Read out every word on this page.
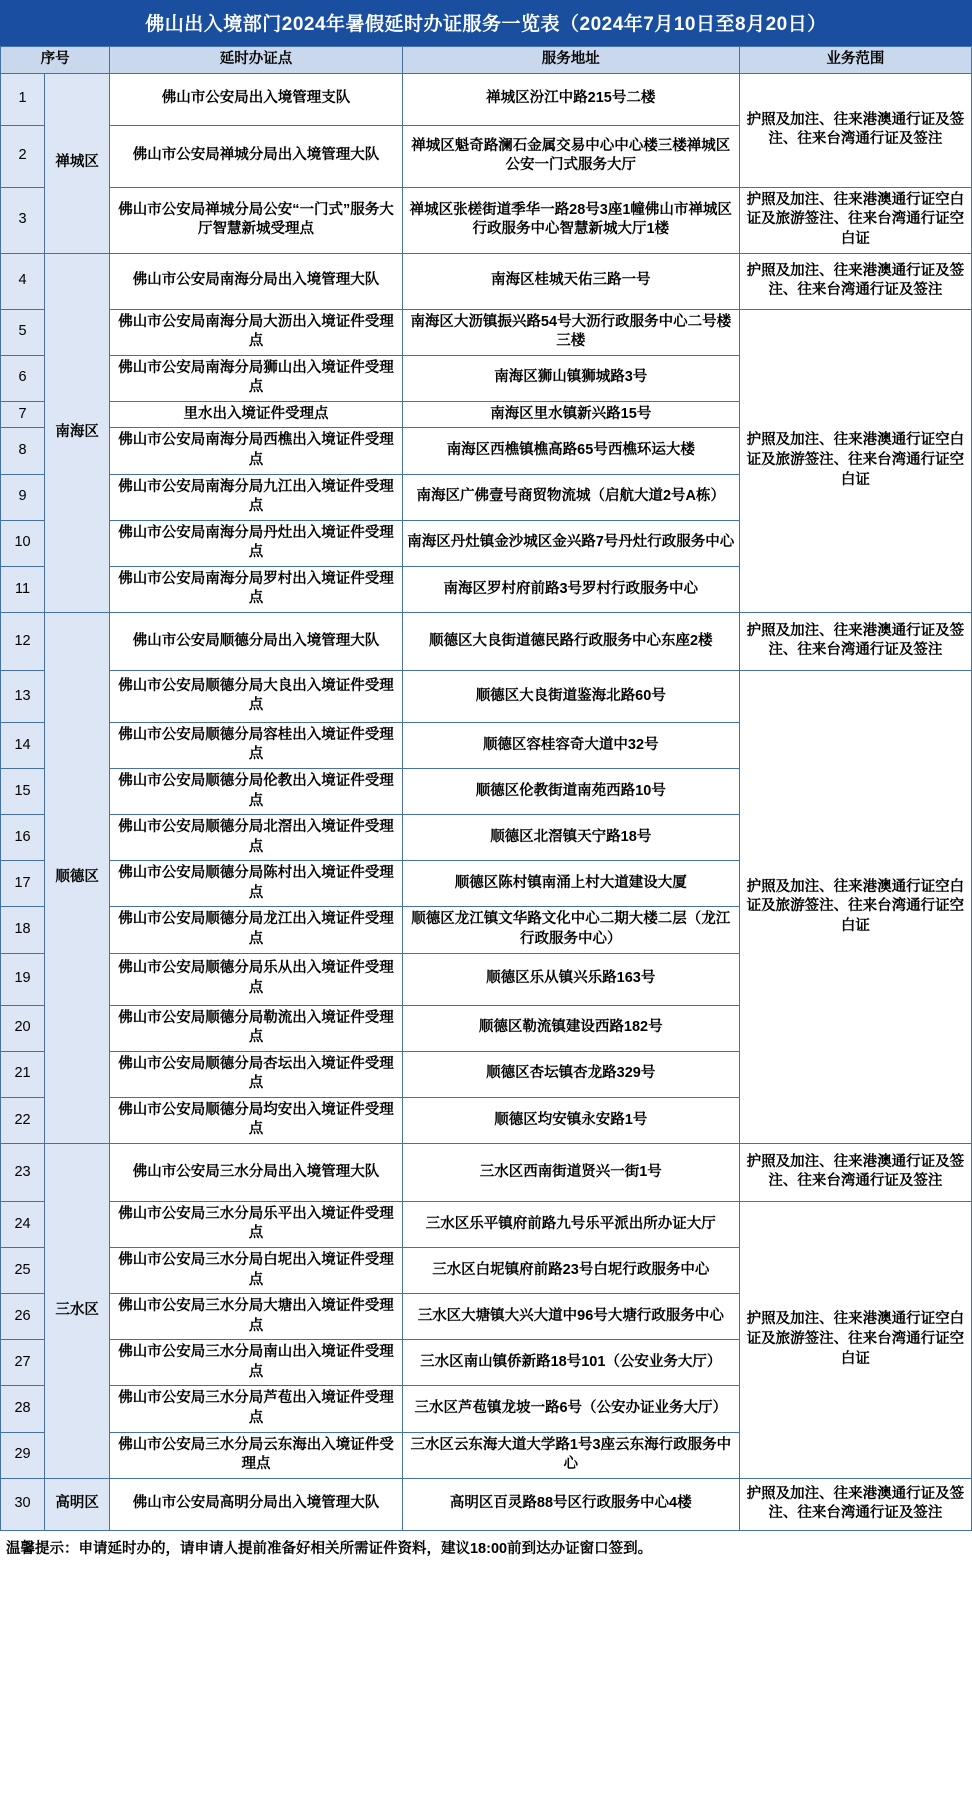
佛山出入境部门2024年暑假延时办证服务一览表（2024年7月10日至8月20日）
序号		延时办证点	服务地址	业务范围
1	禅城区	佛山市公安局出入境管理支队	禅城区汾江中路215号二楼	护照及加注、往来港澳通行证及签注、往来台湾通行证及签注
2		佛山市公安局禅城分局出入境管理大队	禅城区魁奇路澜石金属交易中心中心楼三楼禅城区公安一门式服务大厅	
3		佛山市公安局禅城分局公安“一门式”服务大厅智慧新城受理点	禅城区张槎街道季华一路28号3座1幢佛山市禅城区行政服务中心智慧新城大厅1楼	护照及加注、往来港澳通行证空白证及旅游签注、往来台湾通行证空白证
4	南海区	佛山市公安局南海分局出入境管理大队	南海区桂城天佑三路一号	护照及加注、往来港澳通行证及签注、往来台湾通行证及签注
5		佛山市公安局南海分局大沥出入境证件受理点	南海区大沥镇振兴路54号大沥行政服务中心二号楼三楼	护照及加注、往来港澳通行证空白证及旅游签注、往来台湾通行证空白证
6		佛山市公安局南海分局狮山出入境证件受理点	南海区狮山镇狮城路3号	
7		里水出入境证件受理点	南海区里水镇新兴路15号	
8		佛山市公安局南海分局西樵出入境证件受理点	南海区西樵镇樵高路65号西樵环运大楼	
9		佛山市公安局南海分局九江出入境证件受理点	南海区广佛壹号商贸物流城（启航大道2号A栋）	
10		佛山市公安局南海分局丹灶出入境证件受理点	南海区丹灶镇金沙城区金兴路7号丹灶行政服务中心	
11		佛山市公安局南海分局罗村出入境证件受理点	南海区罗村府前路3号罗村行政服务中心	
12	顺德区	佛山市公安局顺德分局出入境管理大队	顺德区大良街道德民路行政服务中心东座2楼	护照及加注、往来港澳通行证及签注、往来台湾通行证及签注
13		佛山市公安局顺德分局大良出入境证件受理点	顺德区大良街道鉴海北路60号	护照及加注、往来港澳通行证空白证及旅游签注、往来台湾通行证空白证
14		佛山市公安局顺德分局容桂出入境证件受理点	顺德区容桂容奇大道中32号	
15		佛山市公安局顺德分局伦教出入境证件受理点	顺德区伦教街道南苑西路10号	
16		佛山市公安局顺德分局北滘出入境证件受理点	顺德区北滘镇天宁路18号	
17		佛山市公安局顺德分局陈村出入境证件受理点	顺德区陈村镇南涌上村大道建设大厦	
18		佛山市公安局顺德分局龙江出入境证件受理点	顺德区龙江镇文华路文化中心二期大楼二层（龙江行政服务中心）	
19		佛山市公安局顺德分局乐从出入境证件受理点	顺德区乐从镇兴乐路163号	
20		佛山市公安局顺德分局勒流出入境证件受理点	顺德区勒流镇建设西路182号	
21		佛山市公安局顺德分局杏坛出入境证件受理点	顺德区杏坛镇杏龙路329号	
22		佛山市公安局顺德分局均安出入境证件受理点	顺德区均安镇永安路1号	
23	三水区	佛山市公安局三水分局出入境管理大队	三水区西南街道贤兴一街1号	护照及加注、往来港澳通行证及签注、往来台湾通行证及签注
24		佛山市公安局三水分局乐平出入境证件受理点	三水区乐平镇府前路九号乐平派出所办证大厅	护照及加注、往来港澳通行证空白证及旅游签注、往来台湾通行证空白证
25		佛山市公安局三水分局白坭出入境证件受理点	三水区白坭镇府前路23号白坭行政服务中心	
26		佛山市公安局三水分局大塘出入境证件受理点	三水区大塘镇大兴大道中96号大塘行政服务中心	
27		佛山市公安局三水分局南山出入境证件受理点	三水区南山镇侨新路18号101（公安业务大厅）	
28		佛山市公安局三水分局芦苞出入境证件受理点	三水区芦苞镇龙坡一路6号（公安办证业务大厅）	
29		佛山市公安局三水分局云东海出入境证件受理点	三水区云东海大道大学路1号3座云东海行政服务中心	
30	高明区	佛山市公安局高明分局出入境管理大队	高明区百灵路88号区行政服务中心4楼	护照及加注、往来港澳通行证及签注、往来台湾通行证及签注
温馨提示：申请延时办的，请申请人提前准备好相关所需证件资料，建议18:00前到达办证窗口签到。
